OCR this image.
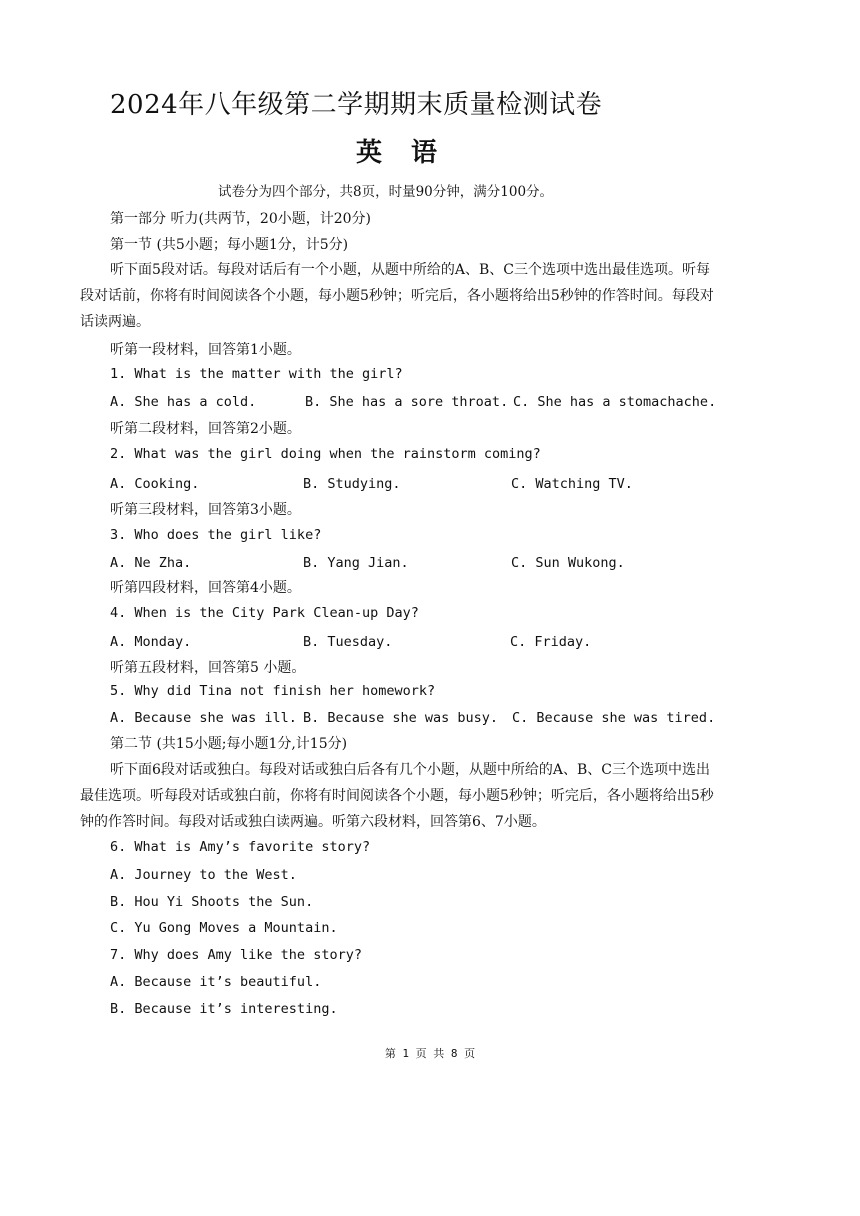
2024年八年级第二学期期末质量检测试卷
英 语
试卷分为四个部分，共8页，时量90分钟，满分100分。
第一部分 听力(共两节，20小题，计20分)
第一节 (共5小题；每小题1分，计5分)
听下面5段对话。每段对话后有一个小题，从题中所给的A、B、C三个选项中选出最佳选项。听每段对话前，你将有时间阅读各个小题，每小题5秒钟；听完后，各小题将给出5秒钟的作答时间。每段对话读两遍。
听第一段材料，回答第1小题。
1. What is the matter with the girl?
A. She has a cold.	B. She has a sore throat. C. She has a stomachache.
听第二段材料，回答第2小题。
2. What was the girl doing when the rainstorm coming?
A. Cooking.	B. Studying.	C. Watching TV.
听第三段材料，回答第3小题。
3. Who does the girl like?
A. Ne Zha.	B. Yang Jian.	C. Sun Wukong.
听第四段材料，回答第4小题。
4. When is the City Park Clean-up Day?
A. Monday.	B. Tuesday.	C. Friday.
听第五段材料，回答第5 小题。
5. Why did Tina not finish her homework?
A. Because she was ill. B. Because she was busy. C. Because she was tired.
第二节 (共15小题;每小题1分,计15分)
听下面6段对话或独白。每段对话或独白后各有几个小题，从题中所给的A、B、C三个选项中选出最佳选项。听每段对话或独白前，你将有时间阅读各个小题，每小题5秒钟；听完后，各小题将给出5秒钟的作答时间。每段对话或独白读两遍。听第六段材料，回答第6、7小题。
6. What is Amy’s favorite story?
A. Journey to the West.
B. Hou Yi Shoots the Sun.
C. Yu Gong Moves a Mountain.
7. Why does Amy like the story?
A. Because it’s beautiful.
B. Because it’s interesting.
第 1 页 共 8 页
